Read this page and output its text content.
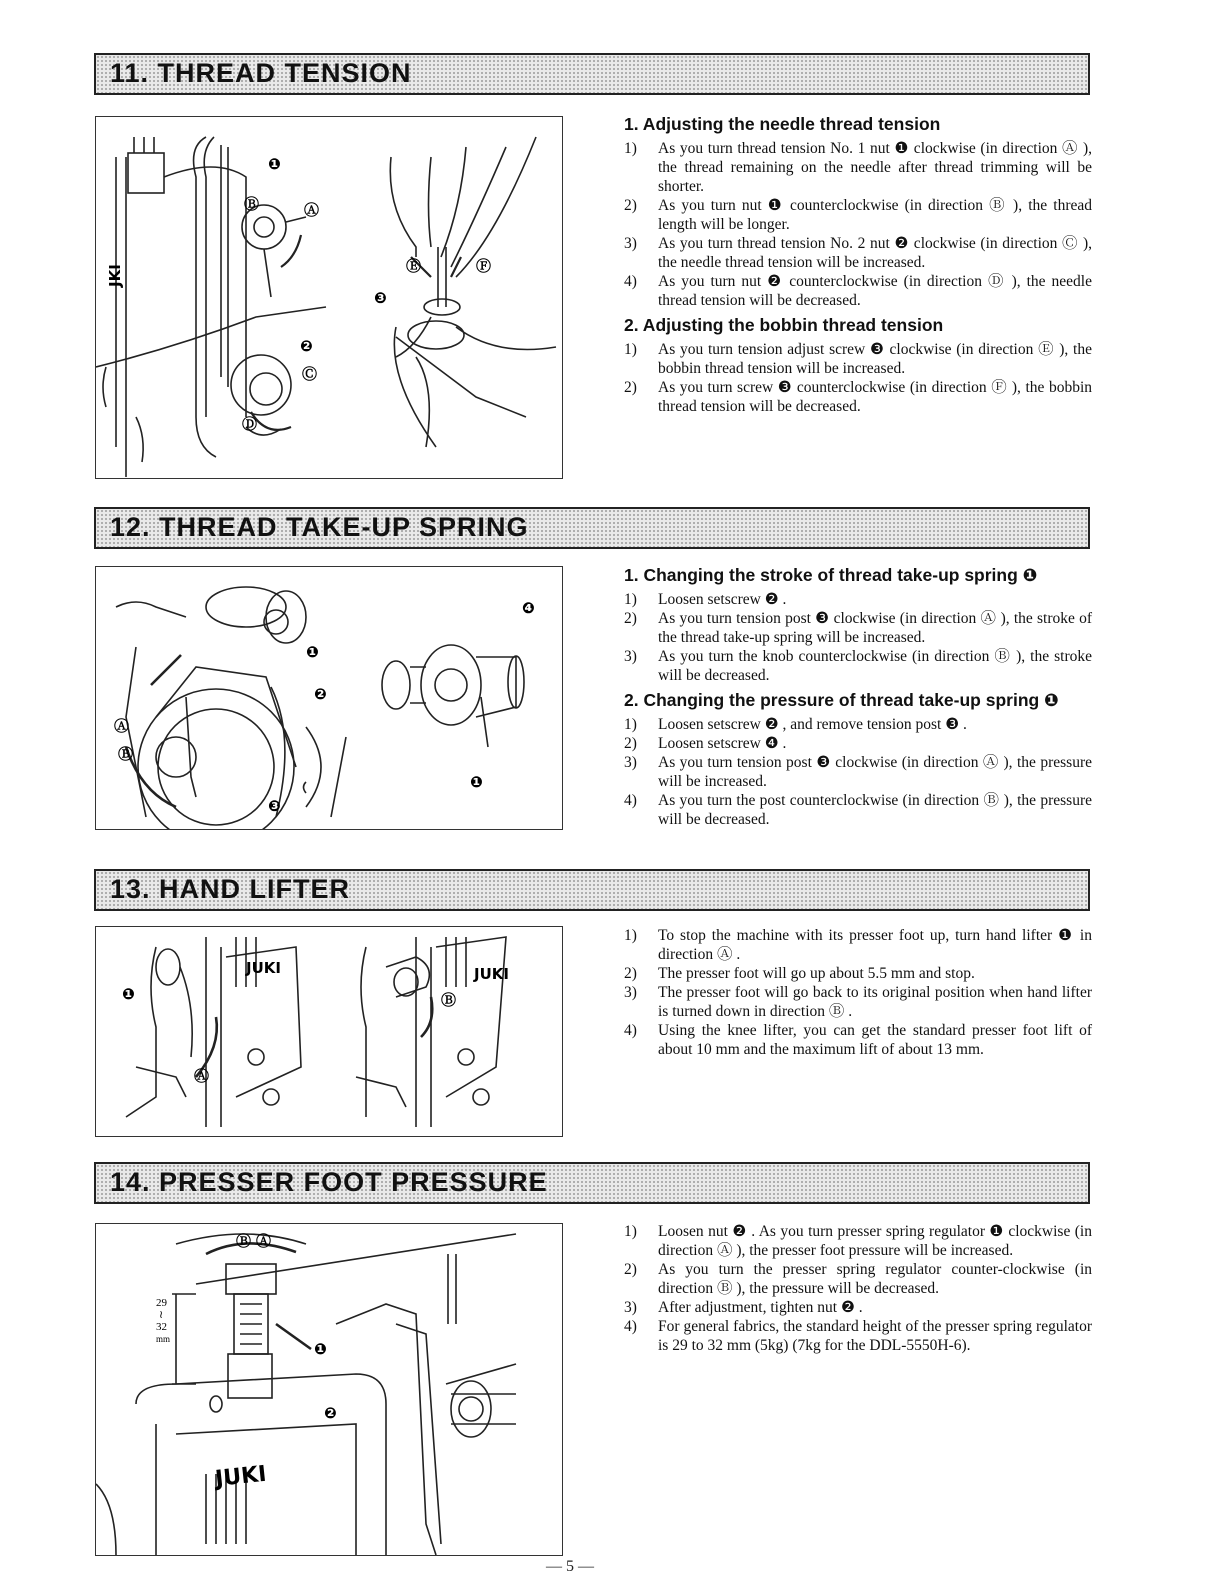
11. THREAD TENSION
❶
Ⓑ	Ⓐ
Ⓔ	Ⓕ
❸
❷
Ⓒ
Ⓓ
JKI
1. Adjusting the needle thread tension
1) As you turn thread tension No. 1 nut ❶ clockwise (in direction Ⓐ ), the thread remaining on the needle after thread trimming will be shorter.
2) As you turn nut ❶ counterclockwise (in direction Ⓑ ), the thread length will be longer.
3) As you turn thread tension No. 2 nut ❷ clockwise (in direction Ⓒ ), the needle thread tension will be increased.
4) As you turn nut ❷ counterclockwise (in direction Ⓓ ), the needle thread tension will be decreased.
2. Adjusting the bobbin thread tension
1) As you turn tension adjust screw ❸ clockwise (in direction Ⓔ ), the bobbin thread tension will be increased.
2) As you turn screw ❸ counterclockwise (in direction Ⓕ ), the bobbin thread tension will be decreased.
12. THREAD TAKE-UP SPRING
❶
❷
❹
Ⓐ
Ⓑ
❸
❶
1. Changing the stroke of thread take-up spring ❶
1) Loosen setscrew ❷ .
2) As you turn tension post ❸ clockwise (in direction Ⓐ ), the stroke of the thread take-up spring will be increased.
3) As you turn the knob counterclockwise (in direction Ⓑ ), the stroke will be decreased.
2. Changing the pressure of thread take-up spring ❶
1) Loosen setscrew ❷ , and remove tension post ❸ .
2) Loosen setscrew ❹ .
3) As you turn tension post ❸ clockwise (in direction Ⓐ ), the pressure will be increased.
4) As you turn the post counterclockwise (in direction Ⓑ ), the pressure will be decreased.
13. HAND LIFTER
JUKI	JUKI
❶
Ⓐ
Ⓑ
1) To stop the machine with its presser foot up, turn hand lifter ❶ in direction Ⓐ .
2) The presser foot will go up about 5.5 mm and stop.
3) The presser foot will go back to its original position when hand lifter is turned down in direction Ⓑ .
4) Using the knee lifter, you can get the standard presser foot lift of about 10 mm and the maximum lift of about 13 mm.
14. PRESSER FOOT PRESSURE
Ⓑ Ⓐ
29
≀
32
mm
❶
❷
JUKI
1) Loosen nut ❷ . As you turn presser spring regulator ❶ clockwise (in direction Ⓐ ), the presser foot pressure will be increased.
2) As you turn the presser spring regulator counter-clockwise (in direction Ⓑ ), the pressure will be decreased.
3) After adjustment, tighten nut ❷ .
4) For general fabrics, the standard height of the presser spring regulator is 29 to 32 mm (5kg) (7kg for the DDL-5550H-6).
— 5 —
